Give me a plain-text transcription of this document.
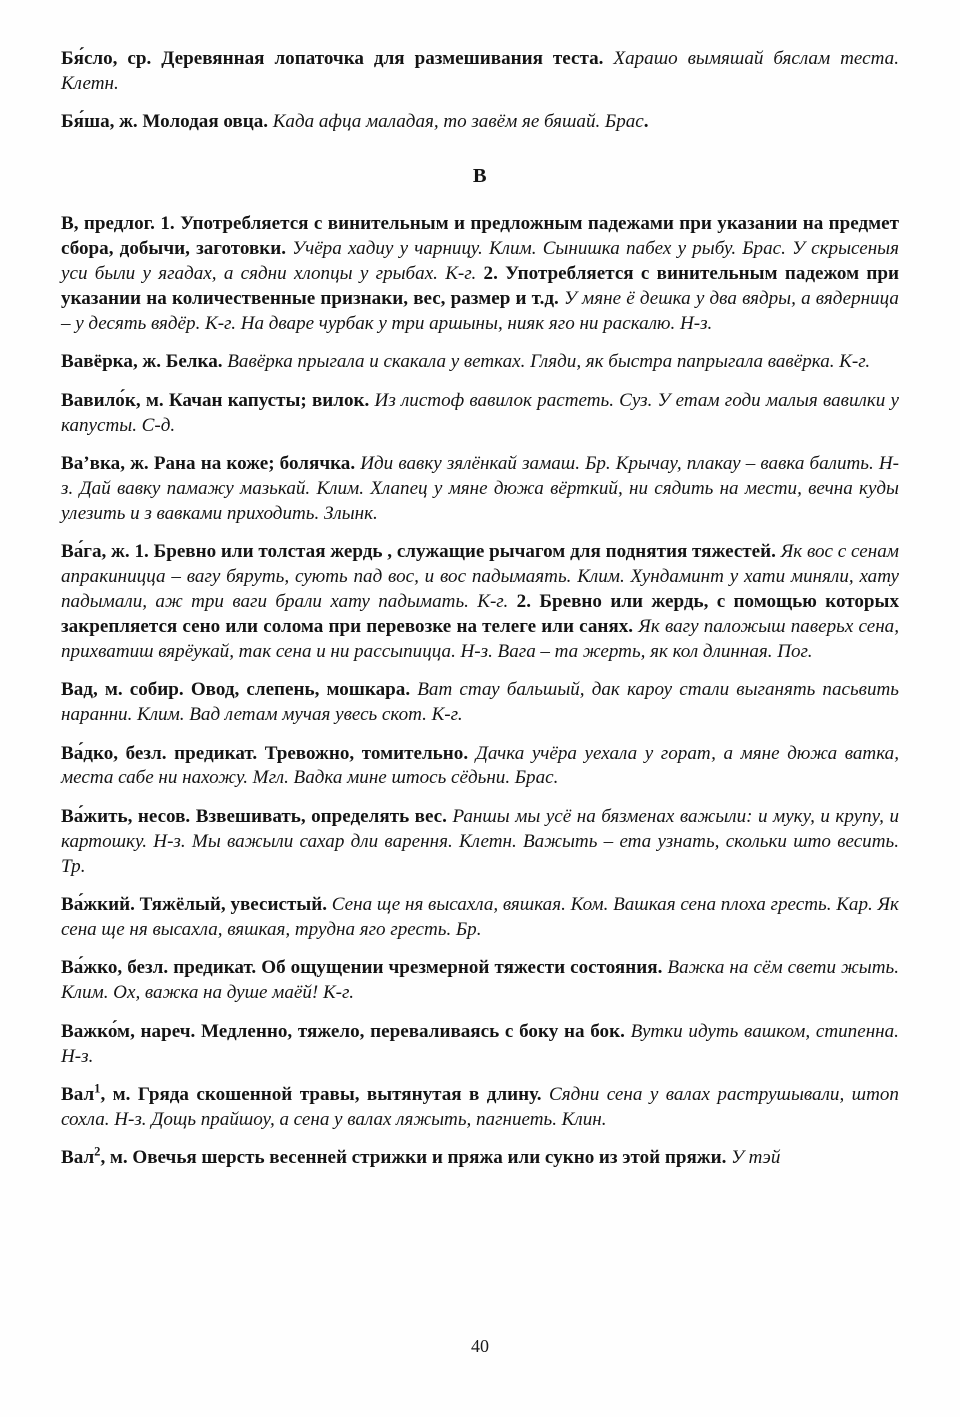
Бя́сло, ср. Деревянная лопаточка для размешивания теста. Харашо вымяшай бяслам теста. Клетн.

Бя́ша, ж. Молодая овца. Када афца маладая, то завём яе бяшай. Брас.

В

В, предлог. 1. Употребляется с винительным и предложным падежами при указании на предмет сбора, добычи, заготовки. Учёра хадиу у чарницу. Клим. Сынишка пабех у рыбу. Брас. У скрысеныя уси были у ягадах, а сядни хлопцы у грыбах. К-г. 2. Употребляется с винительным падежом при указании на количественные признаки, вес, размер и т.д. У мяне ё дешка у два вядры, а вядерница – у десять вядёр. К-г. На дваре чурбак у три аршыны, нияк яго ни раскалю. Н-з.

Вавёрка, ж. Белка. Вавёрка прыгала и скакала у ветках. Гляди, як быстра папрыгала вавёрка. К-г.

Вавило́к, м. Качан капусты; вилок. Из листоф вавилок растеть. Суз. У етам годи малыя вавилки у капусты. С-д.

Ва’вка, ж. Рана на коже; болячка. Иди вавку зялёнкай замаш. Бр. Крычау, плакау – вавка балить. Н-з. Дай вавку памажу мазькай. Клим. Хлапец у мяне дюжа вёрткий, ни сядить на мести, вечна куды улезить и з вавками приходить. Злынк.

Ва́га, ж. 1. Бревно или толстая жердь , служащие рычагом для поднятия тяжестей. Як вос с сенам апракиницца – вагу бяруть, сують пад вос, и вос падымаять. Клим. Хундаминт у хати миняли, хату падымали, аж три ваги брали хату падымать. К-г. 2. Бревно или жердь, с помощью которых закрепляется сено или солома при перевозке на телеге или санях. Як вагу паложыш паверьх сена, прихватиш вярёукай, так сена и ни рассыпицца. Н-з. Вага – та жерть, як кол длинная. Пог.

Вад, м. собир. Овод, слепень, мошкара. Ват стау бальшый, дак кароу стали выганять пасьвить наранни. Клим. Вад летам мучая увесь скот. К-г.

Ва́дко, безл. предикат. Тревожно, томительно. Дачка учёра уехала у горат, а мяне дюжа ватка, места сабе ни нахожу. Мгл. Вадка мине штось сёдьни. Брас.

Ва́жить, несов. Взвешивать, определять вес. Раншы мы усё на бязменах важыли: и муку, и крупу, и картошку. Н-з. Мы важыли сахар дли варення. Клетн. Важыть – ета узнать, скольки што весить. Тр.

Ва́жкий. Тяжёлый, увесистый. Сена ще ня высахла, вяшкая. Ком. Вашкая сена плоха гресть. Кар. Як сена ще ня высахла, вяшкая, трудна яго гресть. Бр.

Ва́жко, безл. предикат. Об ощущении чрезмерной тяжести состояния. Важка на сём свети жыть. Клим. Ох, важка на душе маёй! К-г.

Важко́м, нареч. Медленно, тяжело, переваливаясь с боку на бок. Вутки идуть вашком, стипенна. Н-з.

Вал$^1$, м. Гряда скошенной травы, вытянутая в длину. Сядни сена у валах раструшывали, штоп сохла. Н-з. Дощь прайшоу, а сена у валах ляжыть, пагниеть. Клин.

Вал$^2$, м. Овечья шерсть весенней стрижки и пряжа или сукно из этой пряжи. У тэй

40
